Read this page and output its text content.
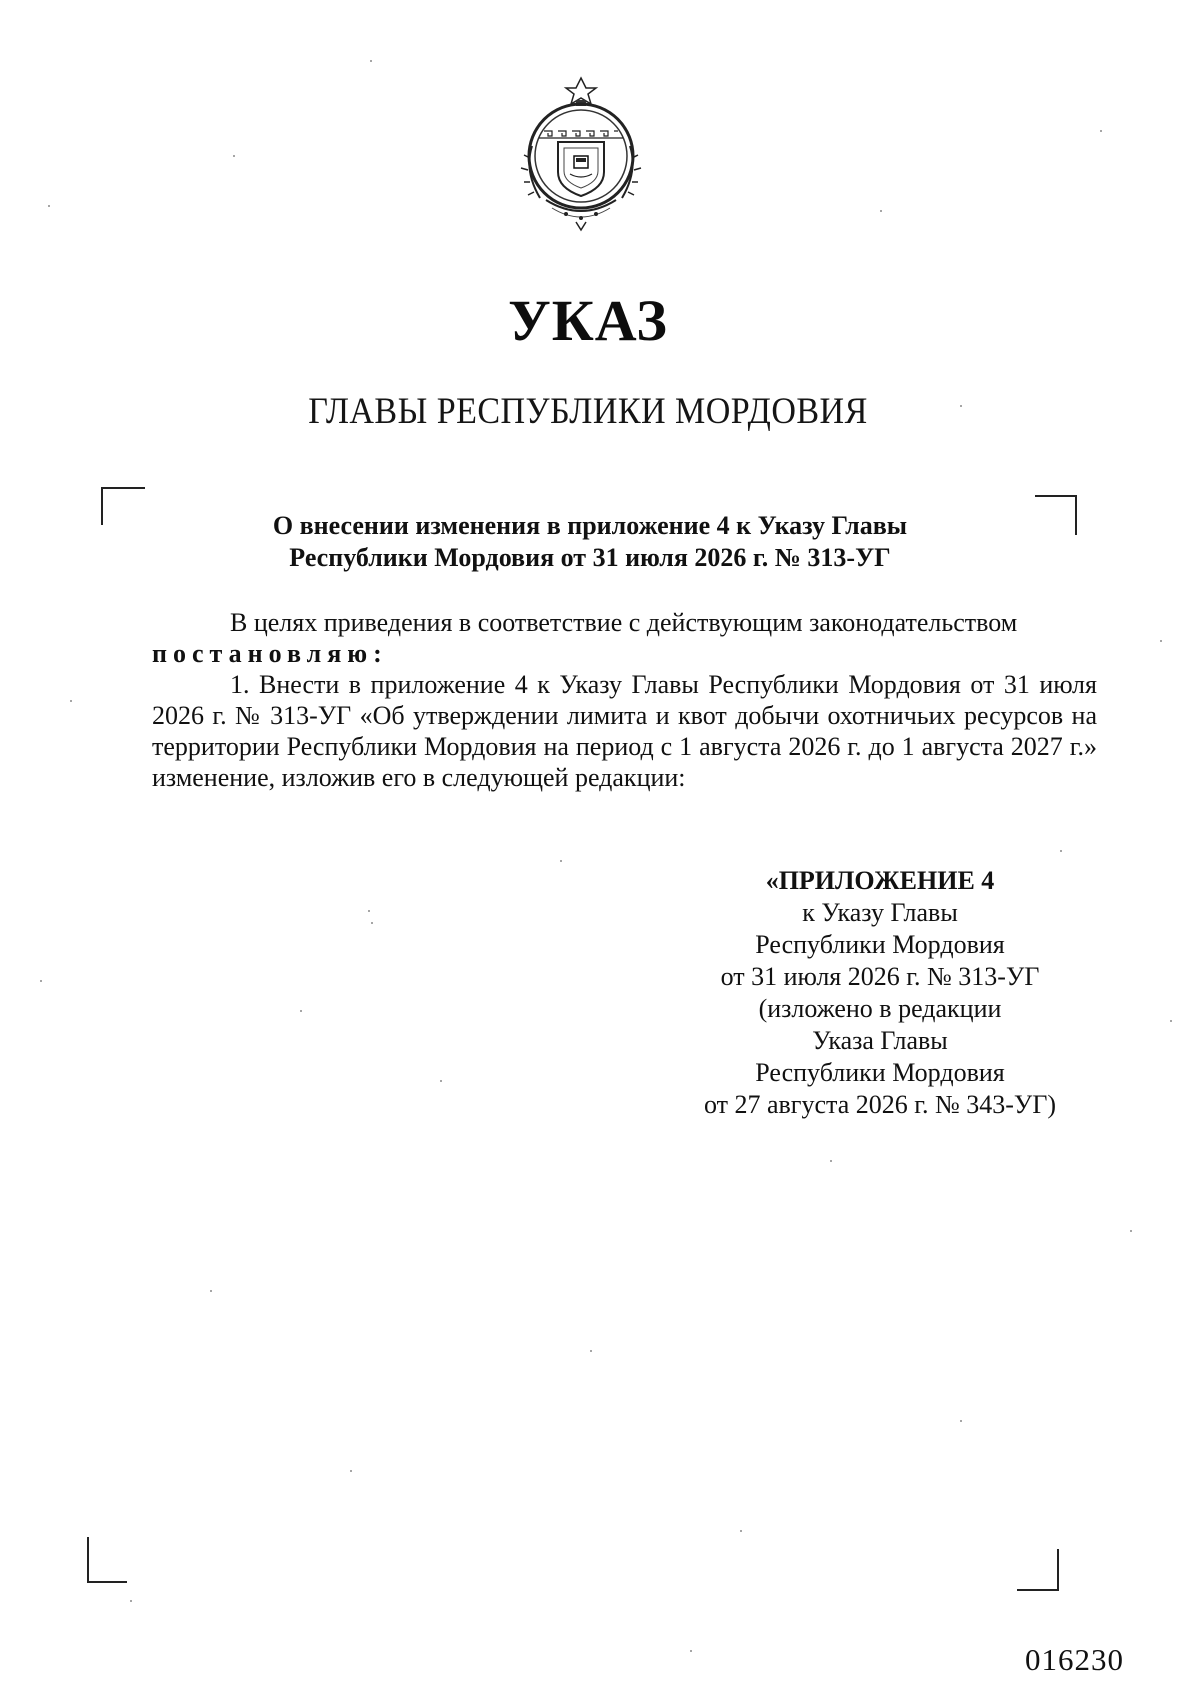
УКАЗ
ГЛАВЫ РЕСПУБЛИКИ МОРДОВИЯ
О внесении изменения в приложение 4 к Указу Главы
Республики Мордовия от 31 июля 2026 г. № 313-УГ
В целях приведения в соответствие с действующим законодательством
постановляю:
1. Внести в приложение 4 к Указу Главы Республики Мордовия от 31 июля 2026 г. № 313-УГ «Об утверждении лимита и квот добычи охотничьих ресурсов на территории Республики Мордовия на период с 1 августа 2026 г. до 1 августа 2027 г.» изменение, изложив его в следующей редакции:
«ПРИЛОЖЕНИЕ 4
к Указу Главы
Республики Мордовия
от 31 июля 2026 г. № 313-УГ
(изложено в редакции
Указа Главы
Республики Мордовия
от 27 августа 2026 г. № 343-УГ)
016230
